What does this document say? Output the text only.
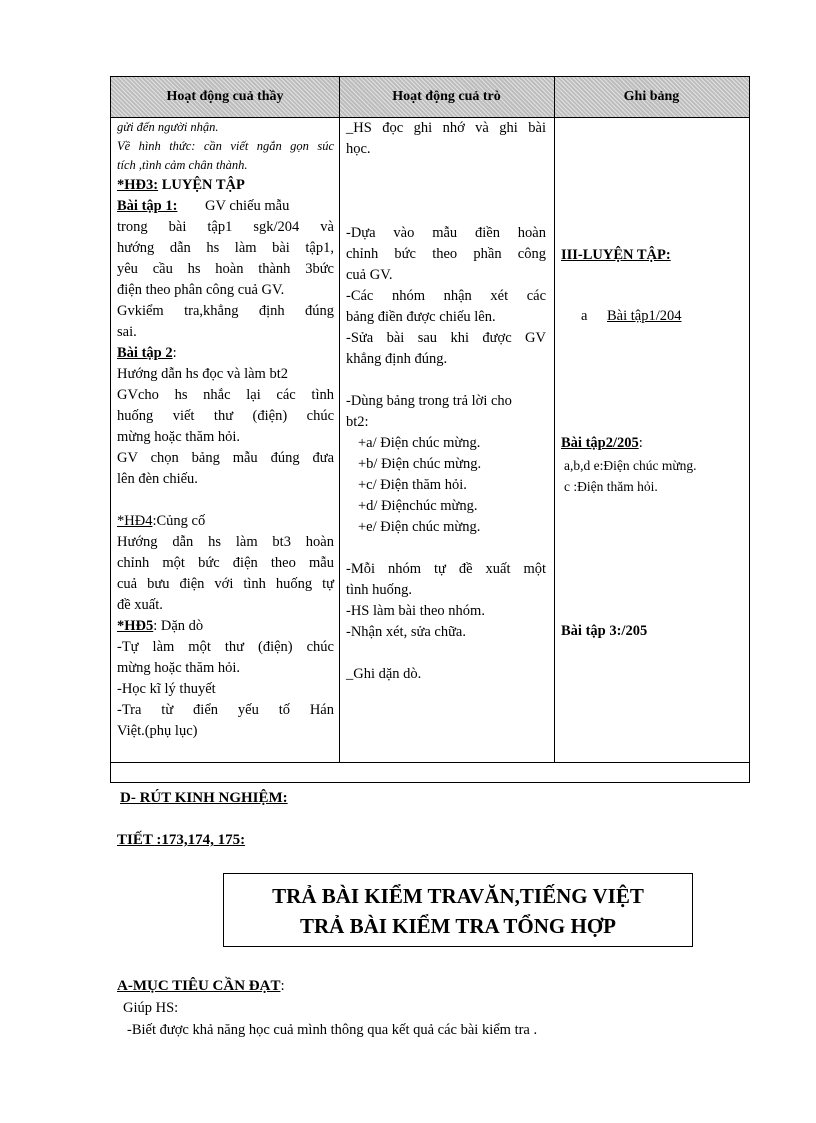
Hoạt động cuả thầy	Hoạt động cuả trò	Ghi bảng
gửi đến người nhận.
Về hình thức: cần viết ngắn gọn súc
tích ,tình cảm chân thành.
*HĐ3: LUYỆN TẬP
Bài tập 1: GV chiếu mẫu
trong bài tập1 sgk/204 và
hướng dẫn hs làm bài tập1,
yêu cầu hs hoàn thành 3bức
điện theo phân công cuả GV.
Gvkiểm tra,khẳng định đúng
sai.
Bài tập 2:
Hướng dẫn hs đọc và làm bt2
GVcho hs nhắc lại các tình
huống viết thư (điện) chúc
mừng hoặc thăm hỏi.
GV chọn bảng mẫu đúng đưa
lên đèn chiếu.
*HĐ4:Củng cố
Hướng dẫn hs làm bt3 hoàn
chỉnh một bức điện theo mẫu
cuả bưu điện với tình huống tự
đề xuất.
*HĐ5: Dặn dò
-Tự làm một thư (điện) chúc
mừng hoặc thăm hỏi.
-Học kĩ lý thuyết
-Tra từ điển yếu tố Hán
Việt.(phụ lục)
_HS đọc ghi nhớ và ghi bài
học.
-Dựa vào mẫu điền hoàn
chỉnh bức theo phần công
cuả GV.
-Các nhóm nhận xét các
bảng điền được chiếu lên.
-Sửa bài sau khi được GV
khẳng định đúng.
-Dùng bảng trong trả lời cho
bt2:
+a/ Điện chúc mừng.
+b/ Điện chúc mừng.
+c/ Điện thăm hỏi.
+d/ Điệnchúc mừng.
+e/ Điện chúc mừng.
-Mỗi nhóm tự đề xuất một
tình huống.
-HS làm bài theo nhóm.
-Nhận xét, sửa chữa.
_Ghi dặn dò.
III-LUYỆN TẬP:
a Bài tập1/204
Bài tập2/205:
a,b,d e:Điện chúc mừng.
c :Điện thăm hỏi.
Bài tập 3:/205
D- RÚT KINH NGHIỆM:
TIẾT :173,174, 175:
TRẢ BÀI KIỂM TRAVĂN,TIẾNG VIỆT
TRẢ BÀI KIỂM TRA TỔNG HỢP
A-MỤC TIÊU CẦN ĐẠT:
Giúp HS:
-Biết được khả năng học cuả mình thông qua kết quả các bài kiểm tra .
